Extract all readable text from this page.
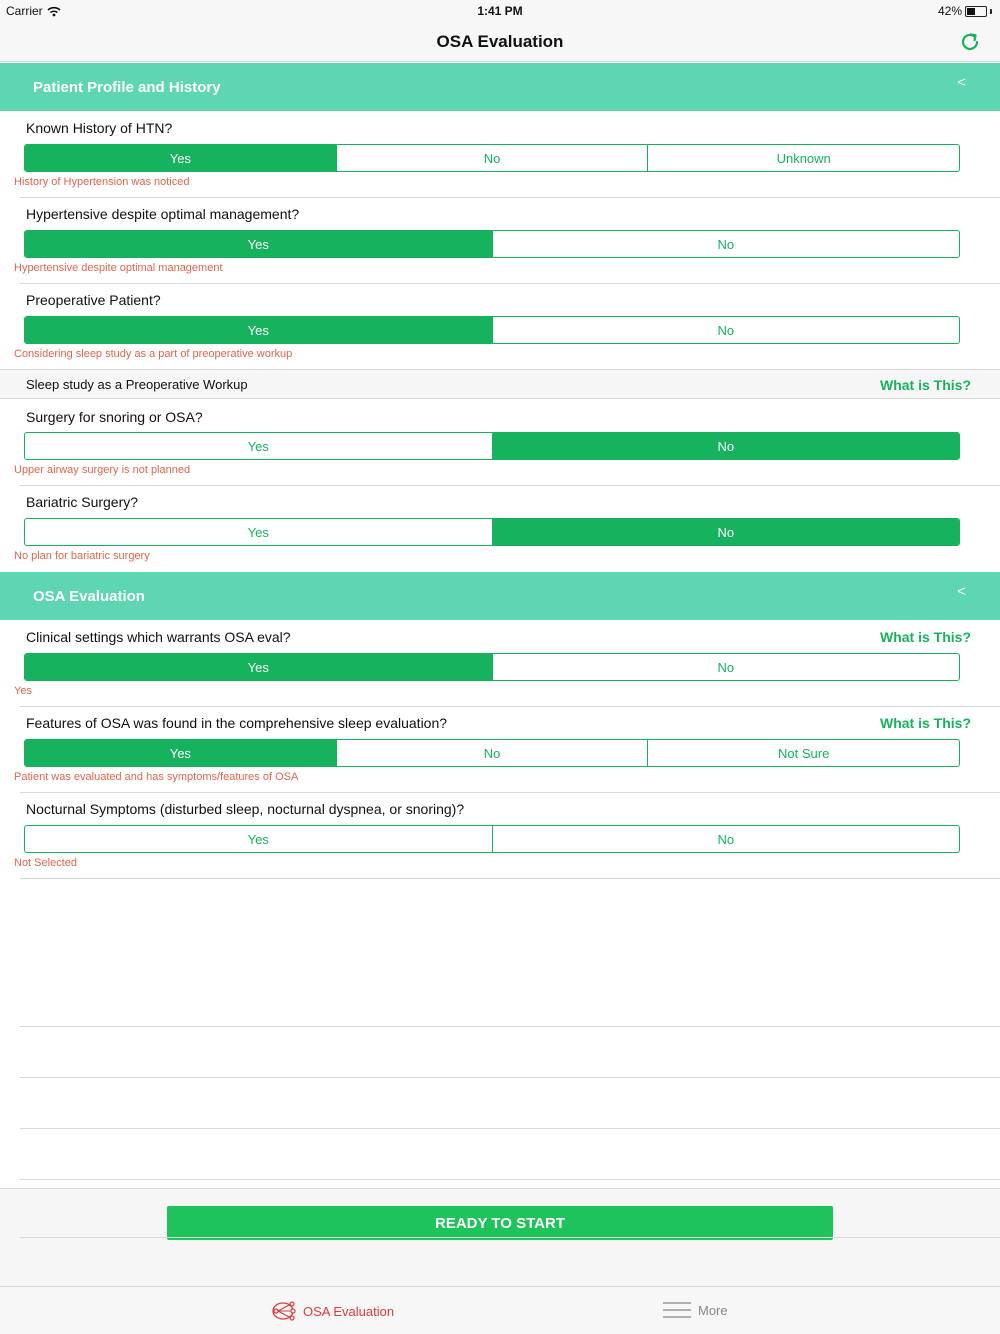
Carrier	1:41 PM	42%
OSA Evaluation
Patient Profile and History	<
Known History of HTN?
Yes	No	Unknown
History of Hypertension was noticed
Hypertensive despite optimal management?
Yes	No
Hypertensive despite optimal management
Preoperative Patient?
Yes	No
Considering sleep study as a part of preoperative workup
Sleep study as a Preoperative Workup	What is This?
Surgery for snoring or OSA?
Yes	No
Upper airway surgery is not planned
Bariatric Surgery?
Yes	No
No plan for bariatric surgery
OSA Evaluation	<
Clinical settings which warrants OSA eval?	What is This?
Yes	No
Yes
Features of OSA was found in the comprehensive sleep evaluation?	What is This?
Yes	No	Not Sure
Patient was evaluated and has symptoms/features of OSA
Nocturnal Symptoms (disturbed sleep, nocturnal dyspnea, or snoring)?
Yes	No
Not Selected
READY TO START
OSA Evaluation	More
